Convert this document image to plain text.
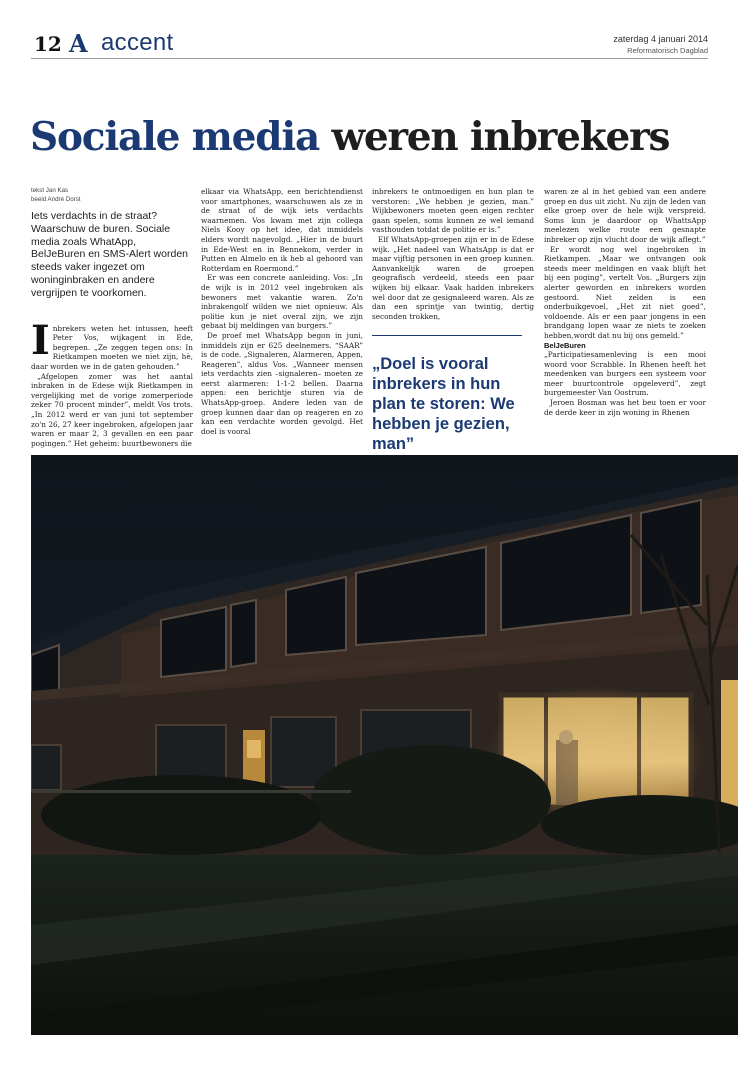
12 A accent	zaterdag 4 januari 2014
Reformatorisch Dagblad
Sociale media weren inbrekers
tekst Jan Kas
beeld André Dorst
Iets verdachts in de straat? Waarschuw de buren. Sociale media zoals WhatApp, BelJeBuren en SMS-Alert worden steeds vaker ingezet om woninginbraken en andere vergrijpen te voorkomen.

Inbrekers weten het intussen, heeft Peter Vos, wijkagent in Ede, begrepen. „Ze zeggen tegen ons: In Rietkampen moeten we niet zijn, hè, daar worden we in de gaten gehouden.”

„Afgelopen zomer was het aantal inbraken in de Edese wijk Rietkampen in vergelijking met de vorige zomerperiode zeker 70 procent minder”, meldt Vos trots. „In 2012 werd er van juni tot september zo'n 26, 27 keer ingebroken, afgelopen jaar waren er maar 2, 3 gevallen en een paar pogingen.” Het geheim: buurtbewoners die

elkaar via WhatsApp, een berichtendienst voor smartphones, waarschuwen als ze in de straat of de wijk iets verdachts waarnemen. Vos kwam met zijn collega Niels Kooy op het idee, dat inmiddels elders wordt nagevolgd. „Hier in de buurt in Ede-West en in Bennekom, verder in Putten en Almelo en ik heb al gehoord van Rotterdam en Roermond.”

Er was een concrete aanleiding. Vos: „In de wijk is in 2012 veel ingebroken als bewoners met vakantie waren. Zo'n inbrakengolf wilden we niet opnieuw. Als politie kun je niet overal zijn, we zijn gebaat bij meldingen van burgers.”

De proef met WhatsApp begon in juni, inmiddels zijn er 625 deelnemers. “SAAR” is de code. „Signaleren, Alarmeren, Appen, Reageren”, aldus Vos. „Wanneer mensen iets verdachts zien –signaleren– moeten ze eerst alarmeren: 1-1-2 bellen. Daarna appen: een berichtje sturen via de WhatsApp-groep. Andere leden van de groep kunnen daar dan op reageren en zo kan een verdachte worden gevolgd. Het doel is vooral

inbrekers te ontmoedigen en hun plan te verstoren: „We hebben je gezien, man.” Wijkbewoners moeten geen eigen rechter gaan spelen, soms kunnen ze wel iemand vasthouden totdat de politie er is.”

Elf WhatsApp-groepen zijn er in de Edese wijk. „Het nadeel van WhatsApp is dat er maar vijftig personen in een groep kunnen. Aanvankelijk waren de groepen geografisch verdeeld, steeds een paar wijken bij elkaar. Vaak hadden inbrekers wel door dat ze gesignaleerd waren. Als ze dan een sprintje van twintig, dertig seconden trokken,

„Doel is vooral inbrekers in hun plan te storen: We hebben je gezien, man”

waren ze al in het gebied van een andere groep en dus uit zicht. Nu zijn de leden van elke groep over de hele wijk verspreid. Soms kun je daardoor op WhattsApp meelezen welke route een gesnapte inbreker op zijn vlucht door de wijk aflegt.”

Er wordt nog wel ingebroken in Rietkampen. „Maar we ontvangen ook steeds meer meldingen en vaak blijft het bij een poging”, vertelt Vos. „Burgers zijn alerter geworden en inbrekers worden gestoord. Niet zelden is een onderbuikgevoel, „Het zit niet goed”, voldoende. Als er een paar jongens in een brandgang lopen waar ze niets te zoeken hebben,wordt dat nu bij ons gemeld.”

BelJeBuren

„Participatiesamenleving is een mooi woord voor Scrabble. In Rhenen heeft het meedenken van burgers een systeem voor meer buurtcontrole opgeleverd”, zegt burgemeester Van Oostrum.

Jeroen Bosman was het beu toen er voor de derde keer in zijn woning in Rhenen
